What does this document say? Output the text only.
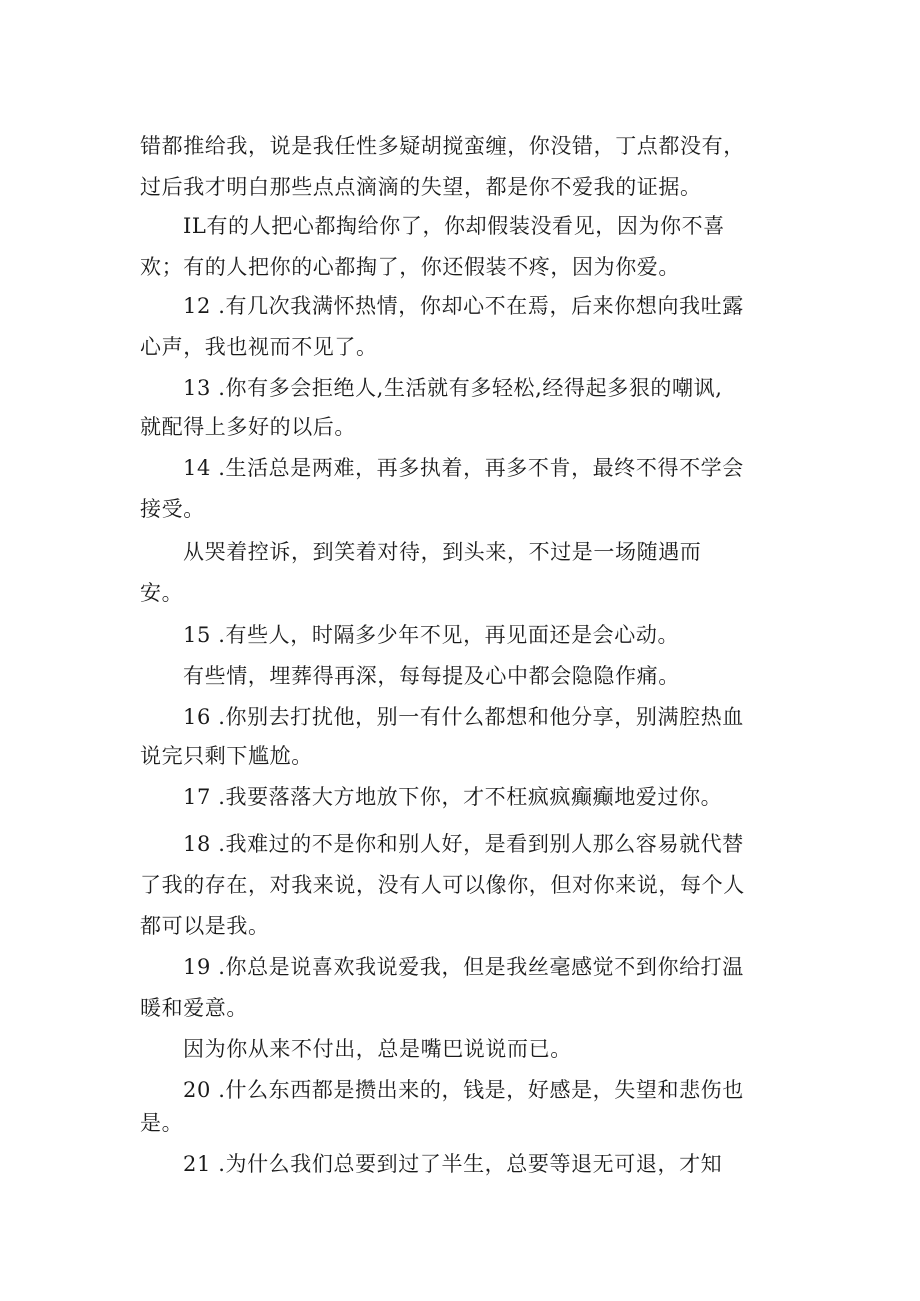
错都推给我，说是我任性多疑胡搅蛮缠，你没错，丁点都没有，
过后我才明白那些点点滴滴的失望，都是你不爱我的证据。
IL有的人把心都掏给你了，你却假装没看见，因为你不喜
欢；有的人把你的心都掏了，你还假装不疼，因为你爱。
12 .有几次我满怀热情，你却心不在焉，后来你想向我吐露
心声，我也视而不见了。
13 .你有多会拒绝人,生活就有多轻松,经得起多狠的嘲讽,
就配得上多好的以后。
14 .生活总是两难，再多执着，再多不肯，最终不得不学会
接受。
从哭着控诉，到笑着对待，到头来，不过是一场随遇而
安。
15 .有些人，时隔多少年不见，再见面还是会心动。
有些情，埋葬得再深，每每提及心中都会隐隐作痛。
16 .你别去打扰他，别一有什么都想和他分享，别满腔热血
说完只剩下尴尬。
17 .我要落落大方地放下你，才不枉疯疯癫癫地爱过你。
18 .我难过的不是你和别人好，是看到别人那么容易就代替
了我的存在，对我来说，没有人可以像你，但对你来说，每个人
都可以是我。
19 .你总是说喜欢我说爱我，但是我丝毫感觉不到你给打温
暖和爱意。
因为你从来不付出，总是嘴巴说说而已。
20 .什么东西都是攒出来的，钱是，好感是，失望和悲伤也
是。
21 .为什么我们总要到过了半生，总要等退无可退，才知
